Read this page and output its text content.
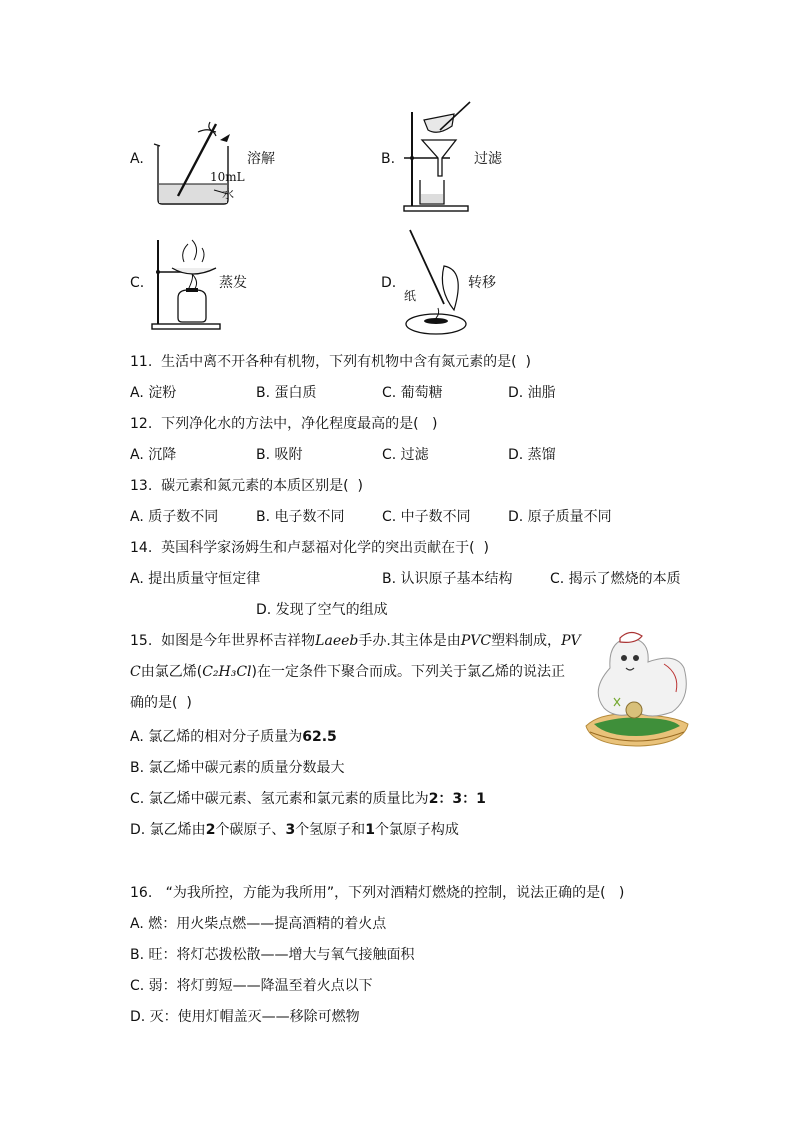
A.
10mL
水
溶解	B.	过滤
C.	蒸发	D.
纸
转移
11.  生活中离不开各种有机物，下列有机物中含有氮元素的是(  )
A. 淀粉	B. 蛋白质	C. 葡萄糖	D. 油脂
12.  下列净化水的方法中，净化程度最高的是(   )
A. 沉降	B. 吸附	C. 过滤	D. 蒸馏
13.  碳元素和氮元素的本质区别是(  )
A. 质子数不同	B. 电子数不同	C. 中子数不同	D. 原子质量不同
14.  英国科学家汤姆生和卢瑟福对化学的突出贡献在于(  )
A. 提出质量守恒定律	B. 认识原子基本结构	C. 揭示了燃烧的本质
D. 发现了空气的组成
15.  如图是今年世界杯吉祥物Laeeb手办.其主体是由PVC塑料制成，PV
C由氯乙烯(C₂H₃Cl)在一定条件下聚合而成。下列关于氯乙烯的说法正
确的是(  )
A. 氯乙烯的相对分子质量为62.5
B. 氯乙烯中碳元素的质量分数最大
C. 氯乙烯中碳元素、氢元素和氯元素的质量比为2：3：1
D. 氯乙烯由2个碳原子、3个氢原子和1个氯原子构成
16.   “为我所控，方能为我所用”，下列对酒精灯燃烧的控制，说法正确的是(   )
A. 燃：用火柴点燃——提高酒精的着火点
B. 旺：将灯芯拨松散——增大与氧气接触面积
C. 弱：将灯剪短——降温至着火点以下
D. 灭：使用灯帽盖灭——移除可燃物
